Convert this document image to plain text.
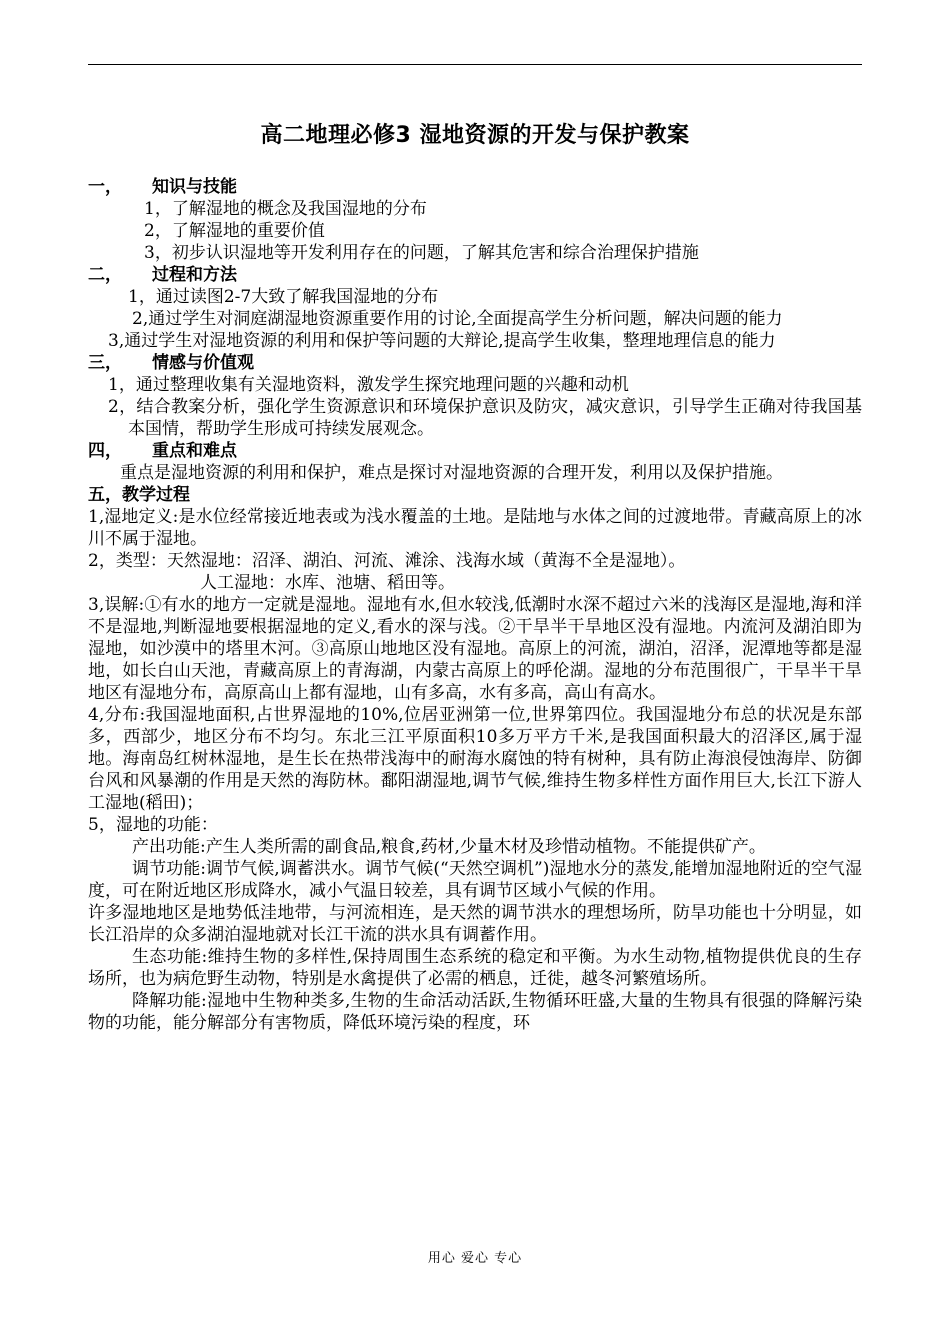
高二地理必修3 湿地资源的开发与保护教案
一， 知识与技能
1，了解湿地的概念及我国湿地的分布
2，了解湿地的重要价值
3，初步认识湿地等开发利用存在的问题，了解其危害和综合治理保护措施
二， 过程和方法
1，通过读图2-7大致了解我国湿地的分布
2,通过学生对洞庭湖湿地资源重要作用的讨论,全面提高学生分析问题，解决问题的能力
3,通过学生对湿地资源的利用和保护等问题的大辩论,提高学生收集，整理地理信息的能力
三， 情感与价值观
1，通过整理收集有关湿地资料，激发学生探究地理问题的兴趣和动机
2，结合教案分析，强化学生资源意识和环境保护意识及防灾，减灾意识，引导学生正确对待我国基本国情，帮助学生形成可持续发展观念。
四， 重点和难点
重点是湿地资源的利用和保护，难点是探讨对湿地资源的合理开发，利用以及保护措施。
五，教学过程
1,湿地定义:是水位经常接近地表或为浅水覆盖的土地。是陆地与水体之间的过渡地带。青藏高原上的冰川不属于湿地。
2，类型：天然湿地：沼泽、湖泊、河流、滩涂、浅海水域（黄海不全是湿地）。
人工湿地：水库、池塘、稻田等。
3,误解:①有水的地方一定就是湿地。湿地有水,但水较浅,低潮时水深不超过六米的浅海区是湿地,海和洋不是湿地,判断湿地要根据湿地的定义,看水的深与浅。②干旱半干旱地区没有湿地。内流河及湖泊即为湿地，如沙漠中的塔里木河。③高原山地地区没有湿地。高原上的河流，湖泊，沼泽，泥潭地等都是湿地，如长白山天池，青藏高原上的青海湖，内蒙古高原上的呼伦湖。湿地的分布范围很广，干旱半干旱地区有湿地分布，高原高山上都有湿地，山有多高，水有多高，高山有高水。
4,分布:我国湿地面积,占世界湿地的10%,位居亚洲第一位,世界第四位。我国湿地分布总的状况是东部多，西部少，地区分布不均匀。东北三江平原面积10多万平方千米,是我国面积最大的沼泽区,属于湿地。海南岛红树林湿地，是生长在热带浅海中的耐海水腐蚀的特有树种，具有防止海浪侵蚀海岸、防御台风和风暴潮的作用是天然的海防林。鄱阳湖湿地,调节气候,维持生物多样性方面作用巨大,长江下游人工湿地(稻田)；
5，湿地的功能：
产出功能:产生人类所需的副食品,粮食,药材,少量木材及珍惜动植物。不能提供矿产。
调节功能:调节气候,调蓄洪水。调节气候(“天然空调机”)湿地水分的蒸发,能增加湿地附近的空气湿度，可在附近地区形成降水，减小气温日较差，具有调节区域小气候的作用。
许多湿地地区是地势低洼地带，与河流相连，是天然的调节洪水的理想场所，防旱功能也十分明显，如长江沿岸的众多湖泊湿地就对长江干流的洪水具有调蓄作用。
生态功能:维持生物的多样性,保持周围生态系统的稳定和平衡。为水生动物,植物提供优良的生存场所，也为病危野生动物，特别是水禽提供了必需的栖息，迁徙，越冬河繁殖场所。
降解功能:湿地中生物种类多,生物的生命活动活跃,生物循环旺盛,大量的生物具有很强的降解污染物的功能，能分解部分有害物质，降低环境污染的程度，环
用心 爱心 专心
